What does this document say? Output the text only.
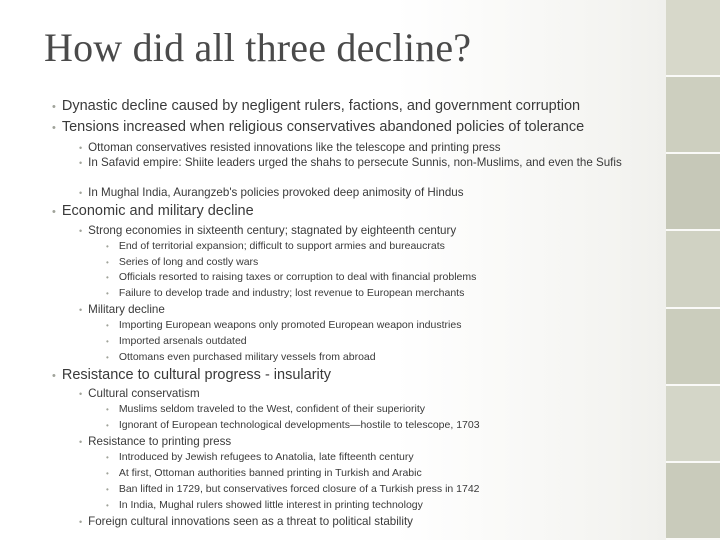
How did all three decline?
• Dynastic decline caused by negligent rulers, factions, and government corruption
• Tensions increased when religious conservatives abandoned policies of tolerance
• Ottoman conservatives resisted innovations like the telescope and printing press
• In Safavid empire: Shiite leaders urged the shahs to persecute Sunnis, non-Muslims, and even the Sufis
• In Mughal India, Aurangzeb's policies provoked deep animosity of Hindus
• Economic and military decline
• Strong economies in sixteenth century; stagnated by eighteenth century
• End of territorial expansion; difficult to support armies and bureaucrats
• Series of long and costly wars
• Officials resorted to raising taxes or corruption to deal with financial problems
• Failure to develop trade and industry; lost revenue to European merchants
• Military decline
• Importing European weapons only promoted European weapon industries
• Imported arsenals outdated
• Ottomans even purchased military vessels from abroad
• Resistance to cultural progress - insularity
• Cultural conservatism
• Muslims seldom traveled to the West, confident of their superiority
• Ignorant of European technological developments—hostile to telescope, 1703
• Resistance to printing press
• Introduced by Jewish refugees to Anatolia, late fifteenth century
• At first, Ottoman authorities banned printing in Turkish and Arabic
• Ban lifted in 1729, but conservatives forced closure of a Turkish press in 1742
• In India, Mughal rulers showed little interest in printing technology
• Foreign cultural innovations seen as a threat to political stability
